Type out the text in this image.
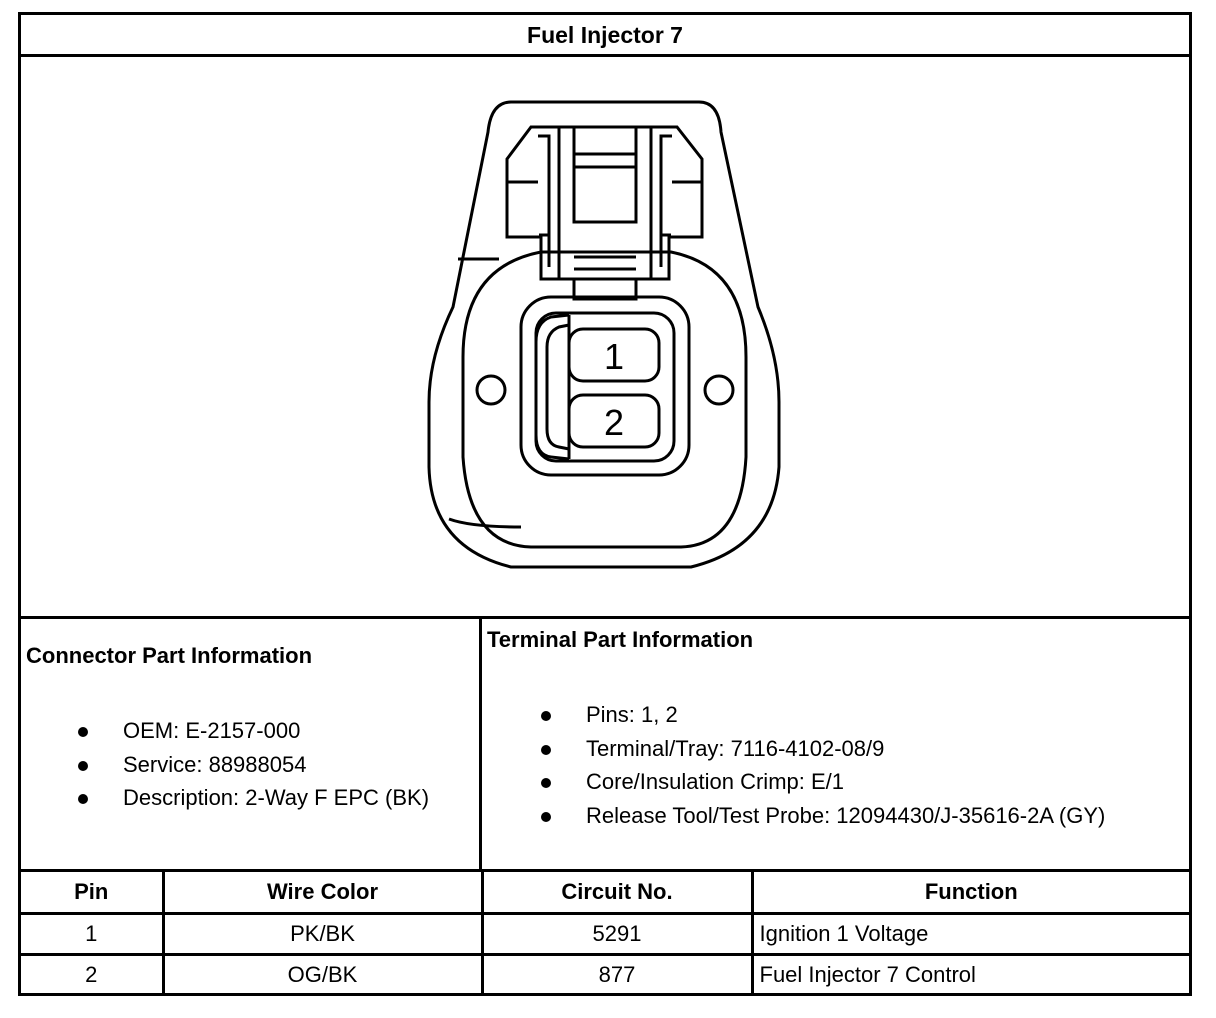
Fuel Injector 7
1
2
Connector Part Information
OEM: E-2157-000
Service: 88988054
Description: 2-Way F EPC (BK)
Terminal Part Information
Pins: 1, 2
Terminal/Tray: 7116-4102-08/9
Core/Insulation Crimp: E/1
Release Tool/Test Probe: 12094430/J-35616-2A (GY)
Pin	Wire Color	Circuit No.	Function
1	PK/BK	5291	Ignition 1 Voltage
2	OG/BK	877	Fuel Injector 7 Control
